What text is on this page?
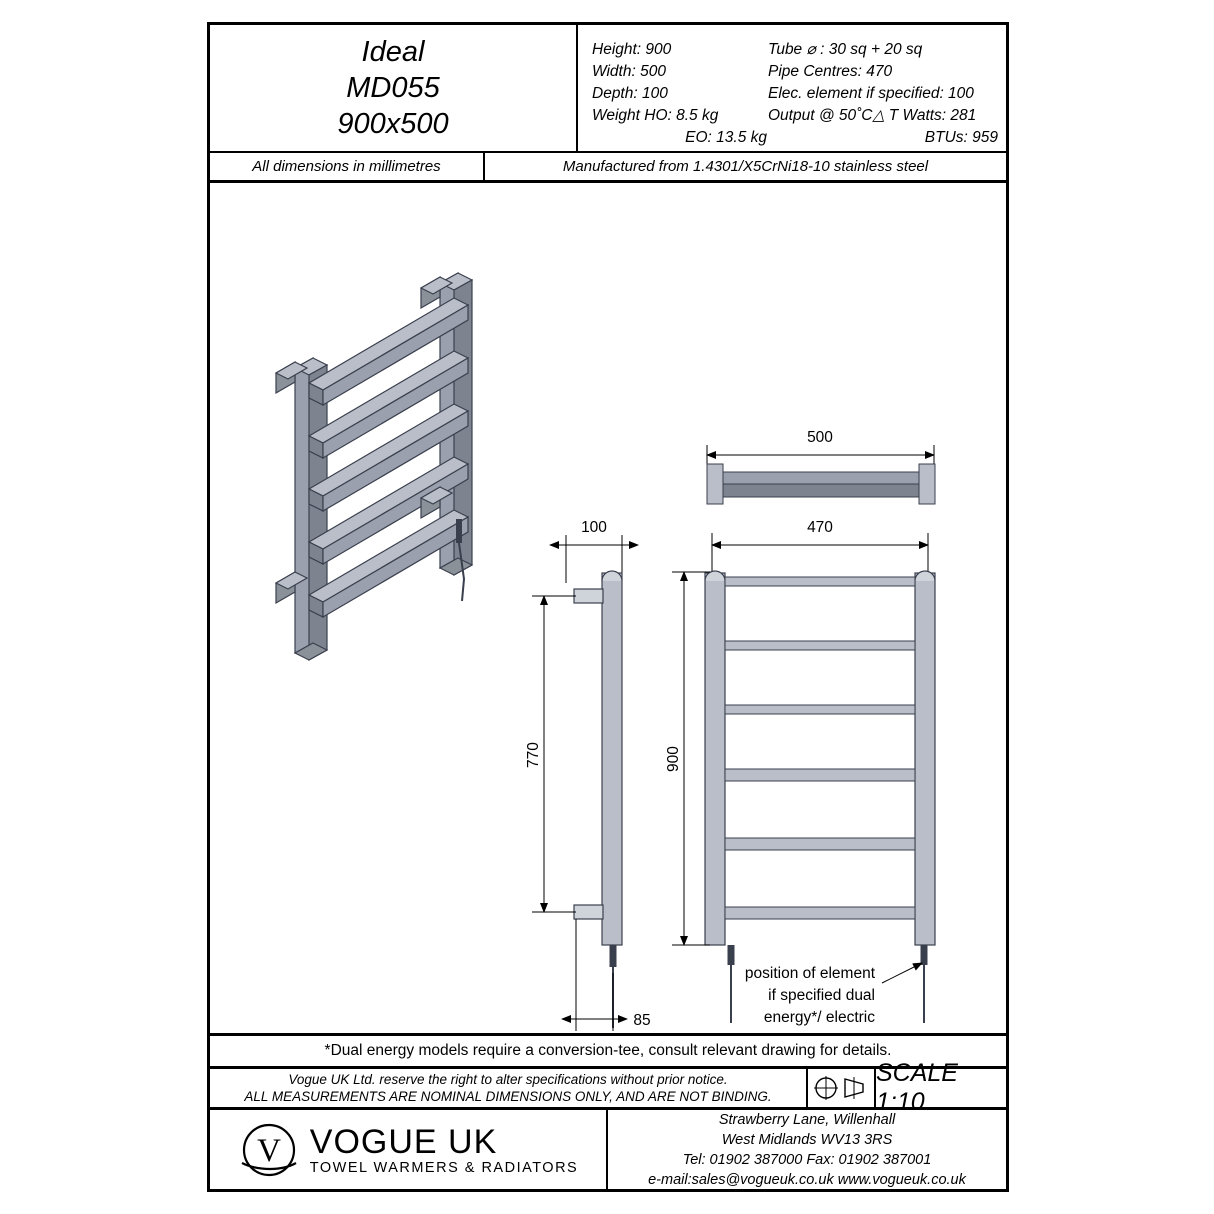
Ideal
MD055
900x500
Height: 900
Width: 500
Depth: 100
Weight HO: 8.5 kg
EO: 13.5 kg
Tube ⌀ : 30 sq + 20 sq
Pipe Centres: 470
Elec. element if specified: 100
Output @ 50˚C△ T Watts: 281
BTUs: 959
All dimensions in millimetres	Manufactured from 1.4301/X5CrNi18-10 stainless steel
500
470
900
position of element
if specified dual
energy*/ electric
100
770
85
*Dual energy models require a conversion-tee, consult relevant drawing for details.
Vogue UK Ltd. reserve the right to alter specifications without prior notice.
ALL MEASUREMENTS ARE NOMINAL DIMENSIONS ONLY, AND ARE NOT BINDING.
SCALE 1:10
V VOGUE UK
TOWEL WARMERS & RADIATORS
Strawberry Lane, Willenhall
West Midlands WV13 3RS
Tel: 01902 387000 Fax: 01902 387001
e-mail:sales@vogueuk.co.uk www.vogueuk.co.uk
